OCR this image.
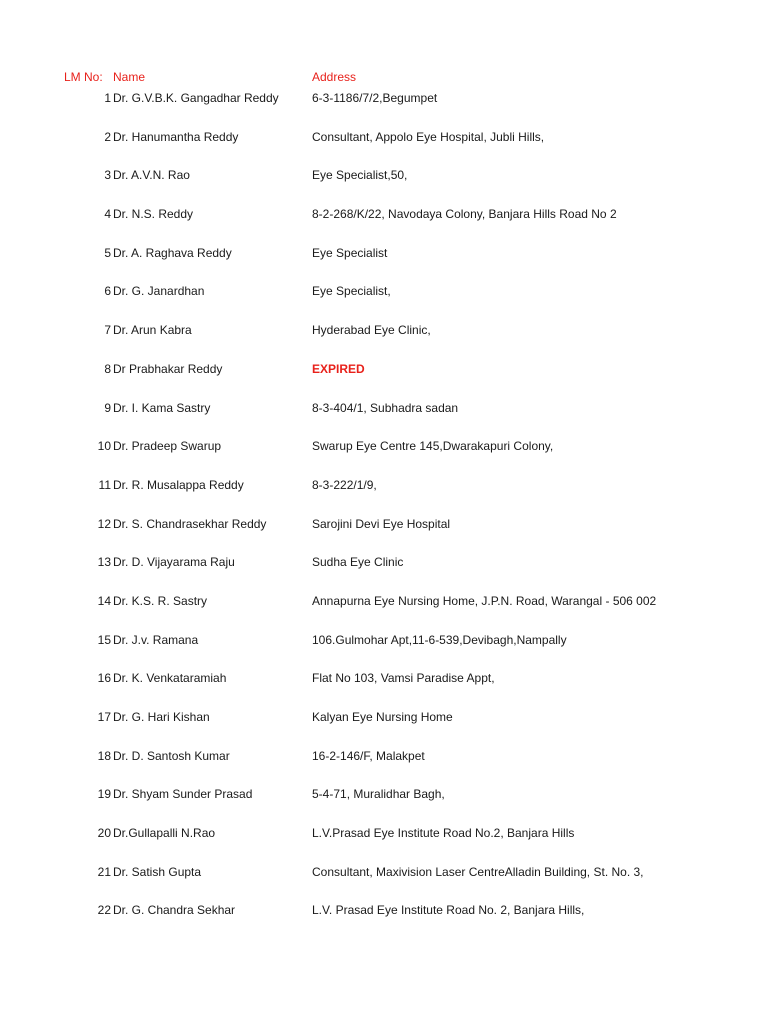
LM No: Name	Address
1 Dr. G.V.B.K. Gangadhar Reddy	6-3-1186/7/2,Begumpet
2 Dr. Hanumantha Reddy	Consultant, Appolo Eye Hospital, Jubli Hills,
3 Dr. A.V.N. Rao	Eye Specialist,50,
4 Dr. N.S. Reddy	8-2-268/K/22, Navodaya Colony, Banjara Hills Road No 2
5 Dr. A. Raghava Reddy	Eye Specialist
6 Dr. G. Janardhan	Eye Specialist,
7 Dr. Arun Kabra	Hyderabad Eye Clinic,
8 Dr Prabhakar Reddy	EXPIRED
9 Dr. I. Kama Sastry	8-3-404/1, Subhadra sadan
10 Dr. Pradeep Swarup	Swarup Eye Centre 145,Dwarakapuri Colony,
11 Dr. R. Musalappa Reddy	8-3-222/1/9,
12 Dr. S. Chandrasekhar Reddy	Sarojini Devi Eye Hospital
13 Dr. D. Vijayarama Raju	Sudha Eye Clinic
14 Dr. K.S. R. Sastry	Annapurna Eye Nursing Home, J.P.N. Road, Warangal - 506 002
15 Dr. J.v. Ramana	106.Gulmohar Apt,11-6-539,Devibagh,Nampally
16 Dr. K. Venkataramiah	Flat No 103, Vamsi Paradise Appt,
17 Dr. G. Hari Kishan	Kalyan Eye Nursing Home
18 Dr. D. Santosh Kumar	16-2-146/F, Malakpet
19 Dr. Shyam Sunder Prasad	5-4-71, Muralidhar Bagh,
20 Dr.Gullapalli N.Rao	L.V.Prasad Eye Institute Road No.2, Banjara Hills
21 Dr. Satish Gupta	Consultant, Maxivision Laser CentreAlladin Building, St. No. 3,
22 Dr. G. Chandra Sekhar	L.V. Prasad Eye Institute Road No. 2, Banjara Hills,
